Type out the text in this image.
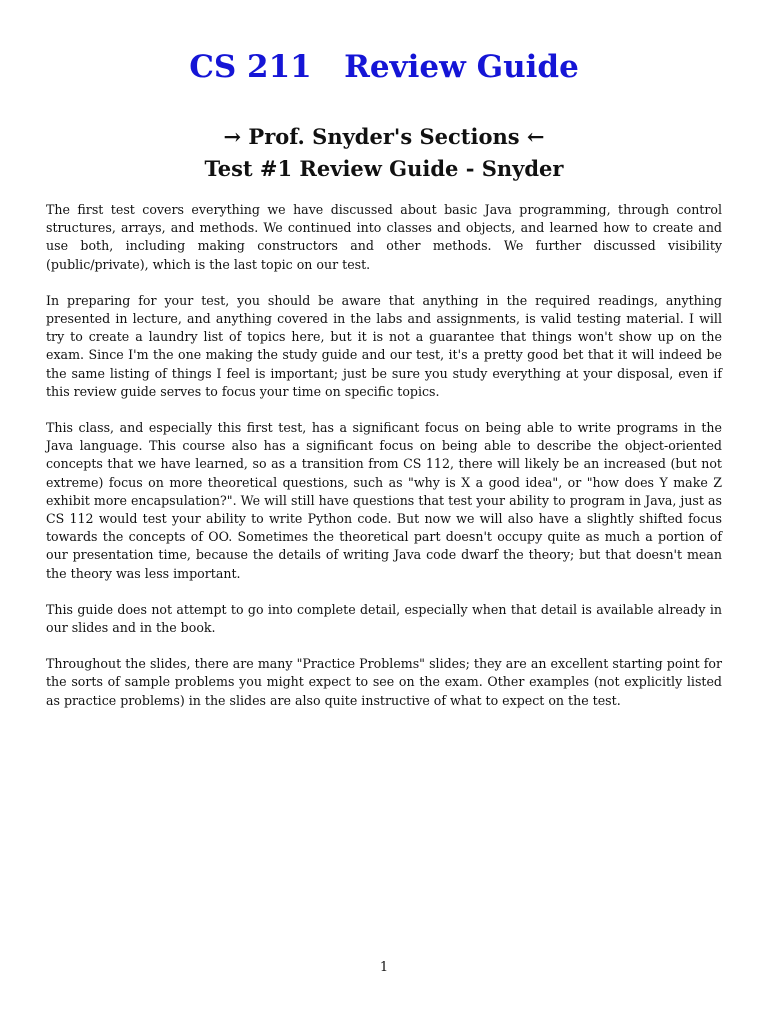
CS 211   Review Guide
→ Prof. Snyder's Sections ←
Test #1 Review Guide - Snyder

The first test covers everything we have discussed about basic Java programming, through control structures, arrays, and methods. We continued into classes and objects, and learned how to create and use both, including making constructors and other methods. We further discussed visibility (public/private), which is the last topic on our test.

In preparing for your test, you should be aware that anything in the required readings, anything presented in lecture, and anything covered in the labs and assignments, is valid testing material. I will try to create a laundry list of topics here, but it is not a guarantee that things won't show up on the exam. Since I'm the one making the study guide and our test, it's a pretty good bet that it will indeed be the same listing of things I feel is important; just be sure you study everything at your disposal, even if this review guide serves to focus your time on specific topics.

This class, and especially this first test, has a significant focus on being able to write programs in the Java language. This course also has a significant focus on being able to describe the object-oriented concepts that we have learned, so as a transition from CS 112, there will likely be an increased (but not extreme) focus on more theoretical questions, such as "why is X a good idea", or "how does Y make Z exhibit more encapsulation?". We will still have questions that test your ability to program in Java, just as CS 112 would test your ability to write Python code. But now we will also have a slightly shifted focus towards the concepts of OO. Sometimes the theoretical part doesn't occupy quite as much a portion of our presentation time, because the details of writing Java code dwarf the theory; but that doesn't mean the theory was less important.

This guide does not attempt to go into complete detail, especially when that detail is available already in our slides and in the book.

Throughout the slides, there are many "Practice Problems" slides; they are an excellent starting point for the sorts of sample problems you might expect to see on the exam. Other examples (not explicitly listed as practice problems) in the slides are also quite instructive of what to expect on the test.

1
